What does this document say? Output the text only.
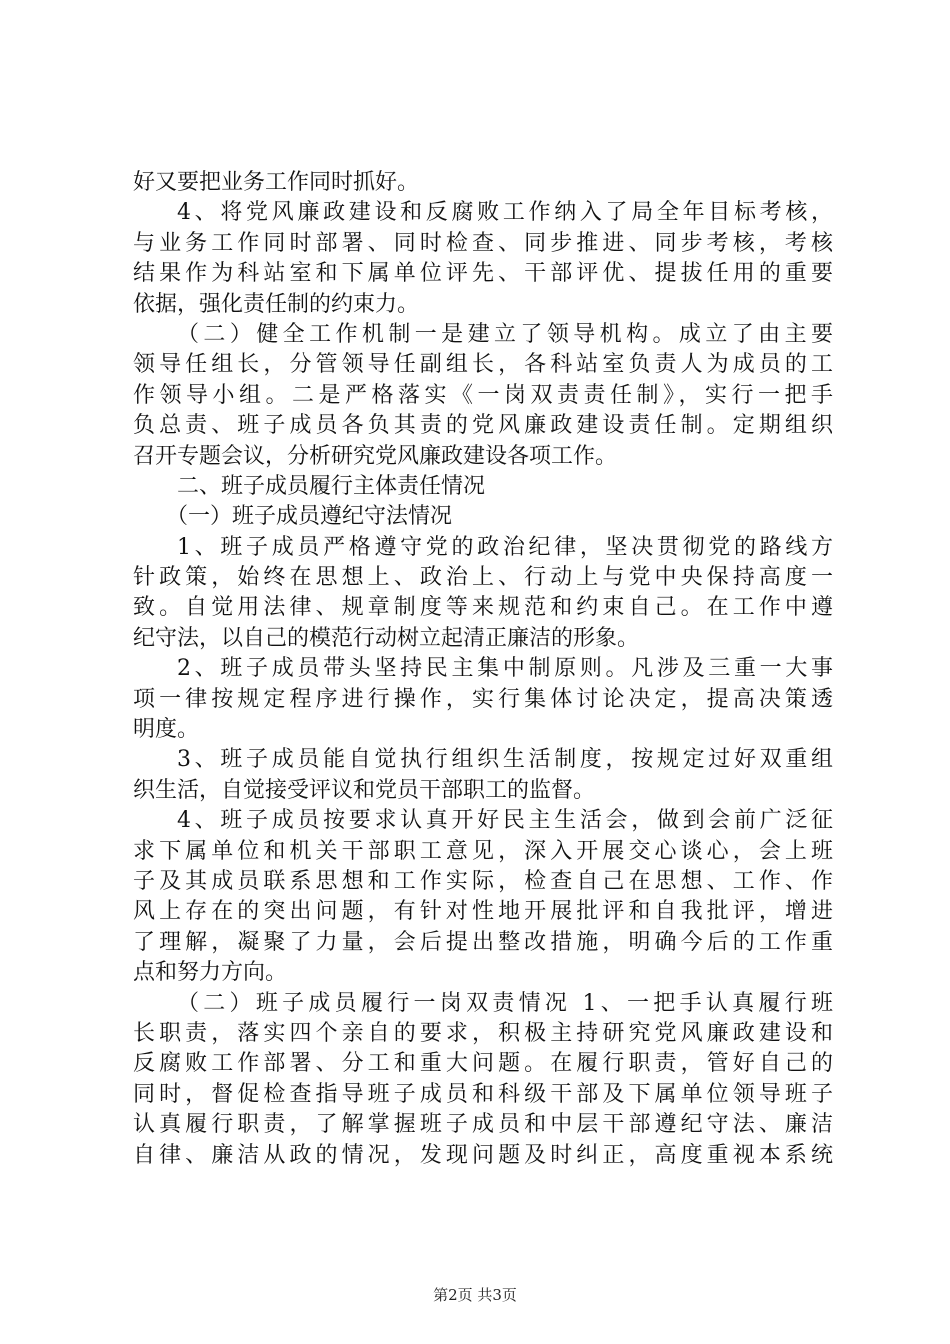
好又要把业务工作同时抓好。
4、将党风廉政建设和反腐败工作纳入了局全年目标考核，
与业务工作同时部署、同时检查、同步推进、同步考核，考核
结果作为科站室和下属单位评先、干部评优、提拔任用的重要
依据，强化责任制的约束力。
（二）健全工作机制一是建立了领导机构。成立了由主要
领导任组长，分管领导任副组长，各科站室负责人为成员的工
作领导小组。二是严格落实《一岗双责责任制》，实行一把手
负总责、班子成员各负其责的党风廉政建设责任制。定期组织
召开专题会议，分析研究党风廉政建设各项工作。
二、班子成员履行主体责任情况
（一）班子成员遵纪守法情况
1、班子成员严格遵守党的政治纪律，坚决贯彻党的路线方
针政策，始终在思想上、政治上、行动上与党中央保持高度一
致。自觉用法律、规章制度等来规范和约束自己。在工作中遵
纪守法，以自己的模范行动树立起清正廉洁的形象。
2、班子成员带头坚持民主集中制原则。凡涉及三重一大事
项一律按规定程序进行操作，实行集体讨论决定，提高决策透
明度。
3、班子成员能自觉执行组织生活制度，按规定过好双重组
织生活，自觉接受评议和党员干部职工的监督。
4、班子成员按要求认真开好民主生活会，做到会前广泛征
求下属单位和机关干部职工意见，深入开展交心谈心，会上班
子及其成员联系思想和工作实际，检查自己在思想、工作、作
风上存在的突出问题，有针对性地开展批评和自我批评，增进
了理解，凝聚了力量，会后提出整改措施，明确今后的工作重
点和努力方向。
（二）班子成员履行一岗双责情况 1、一把手认真履行班
长职责，落实四个亲自的要求，积极主持研究党风廉政建设和
反腐败工作部署、分工和重大问题。在履行职责，管好自己的
同时，督促检查指导班子成员和科级干部及下属单位领导班子
认真履行职责，了解掌握班子成员和中层干部遵纪守法、廉洁
自律、廉洁从政的情况，发现问题及时纠正，高度重视本系统
第2页 共3页
